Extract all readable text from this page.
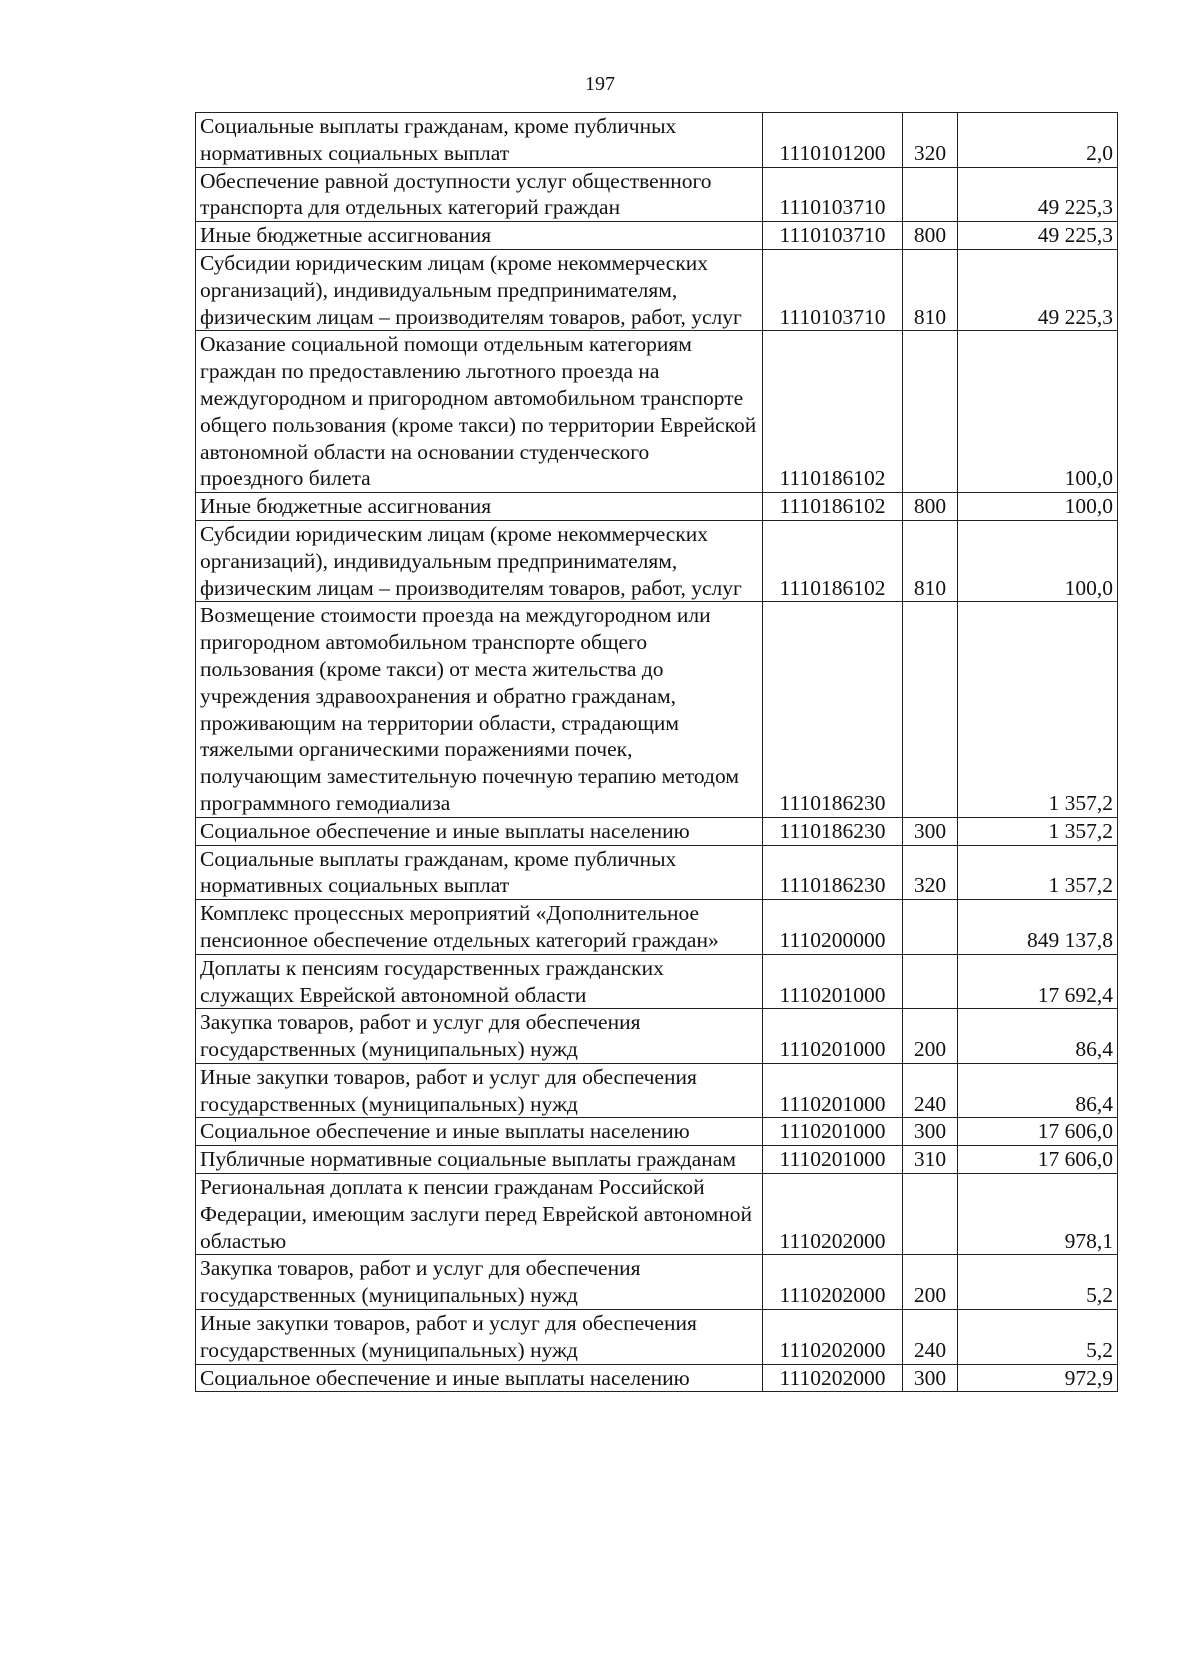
197
Социальные выплаты гражданам, кроме публичных нормативных социальных выплат	1110101200	320	2,0
Обеспечение равной доступности услуг общественного транспорта для отдельных категорий граждан	1110103710		49 225,3
Иные бюджетные ассигнования	1110103710	800	49 225,3
Субсидии юридическим лицам (кроме некоммерческих организаций), индивидуальным предпринимателям, физическим лицам – производителям товаров, работ, услуг	1110103710	810	49 225,3
Оказание социальной помощи отдельным категориям граждан по предоставлению льготного проезда на междугородном и пригородном автомобильном транспорте общего пользования (кроме такси) по территории Еврейской автономной области на основании студенческого проездного билета	1110186102		100,0
Иные бюджетные ассигнования	1110186102	800	100,0
Субсидии юридическим лицам (кроме некоммерческих организаций), индивидуальным предпринимателям, физическим лицам – производителям товаров, работ, услуг	1110186102	810	100,0
Возмещение стоимости проезда на междугородном или пригородном автомобильном транспорте общего пользования (кроме такси) от места жительства до учреждения здравоохранения и обратно гражданам, проживающим на территории области, страдающим тяжелыми органическими поражениями почек, получающим заместительную почечную терапию методом программного гемодиализа	1110186230		1 357,2
Социальное обеспечение и иные выплаты населению	1110186230	300	1 357,2
Социальные выплаты гражданам, кроме публичных нормативных социальных выплат	1110186230	320	1 357,2
Комплекс процессных мероприятий «Дополнительное пенсионное обеспечение отдельных категорий граждан»	1110200000		849 137,8
Доплаты к пенсиям государственных гражданских служащих Еврейской автономной области	1110201000		17 692,4
Закупка товаров, работ и услуг для обеспечения государственных (муниципальных) нужд	1110201000	200	86,4
Иные закупки товаров, работ и услуг для обеспечения государственных (муниципальных) нужд	1110201000	240	86,4
Социальное обеспечение и иные выплаты населению	1110201000	300	17 606,0
Публичные нормативные социальные выплаты гражданам	1110201000	310	17 606,0
Региональная доплата к пенсии гражданам Российской Федерации, имеющим заслуги перед Еврейской автономной областью	1110202000		978,1
Закупка товаров, работ и услуг для обеспечения государственных (муниципальных) нужд	1110202000	200	5,2
Иные закупки товаров, работ и услуг для обеспечения государственных (муниципальных) нужд	1110202000	240	5,2
Социальное обеспечение и иные выплаты населению	1110202000	300	972,9
